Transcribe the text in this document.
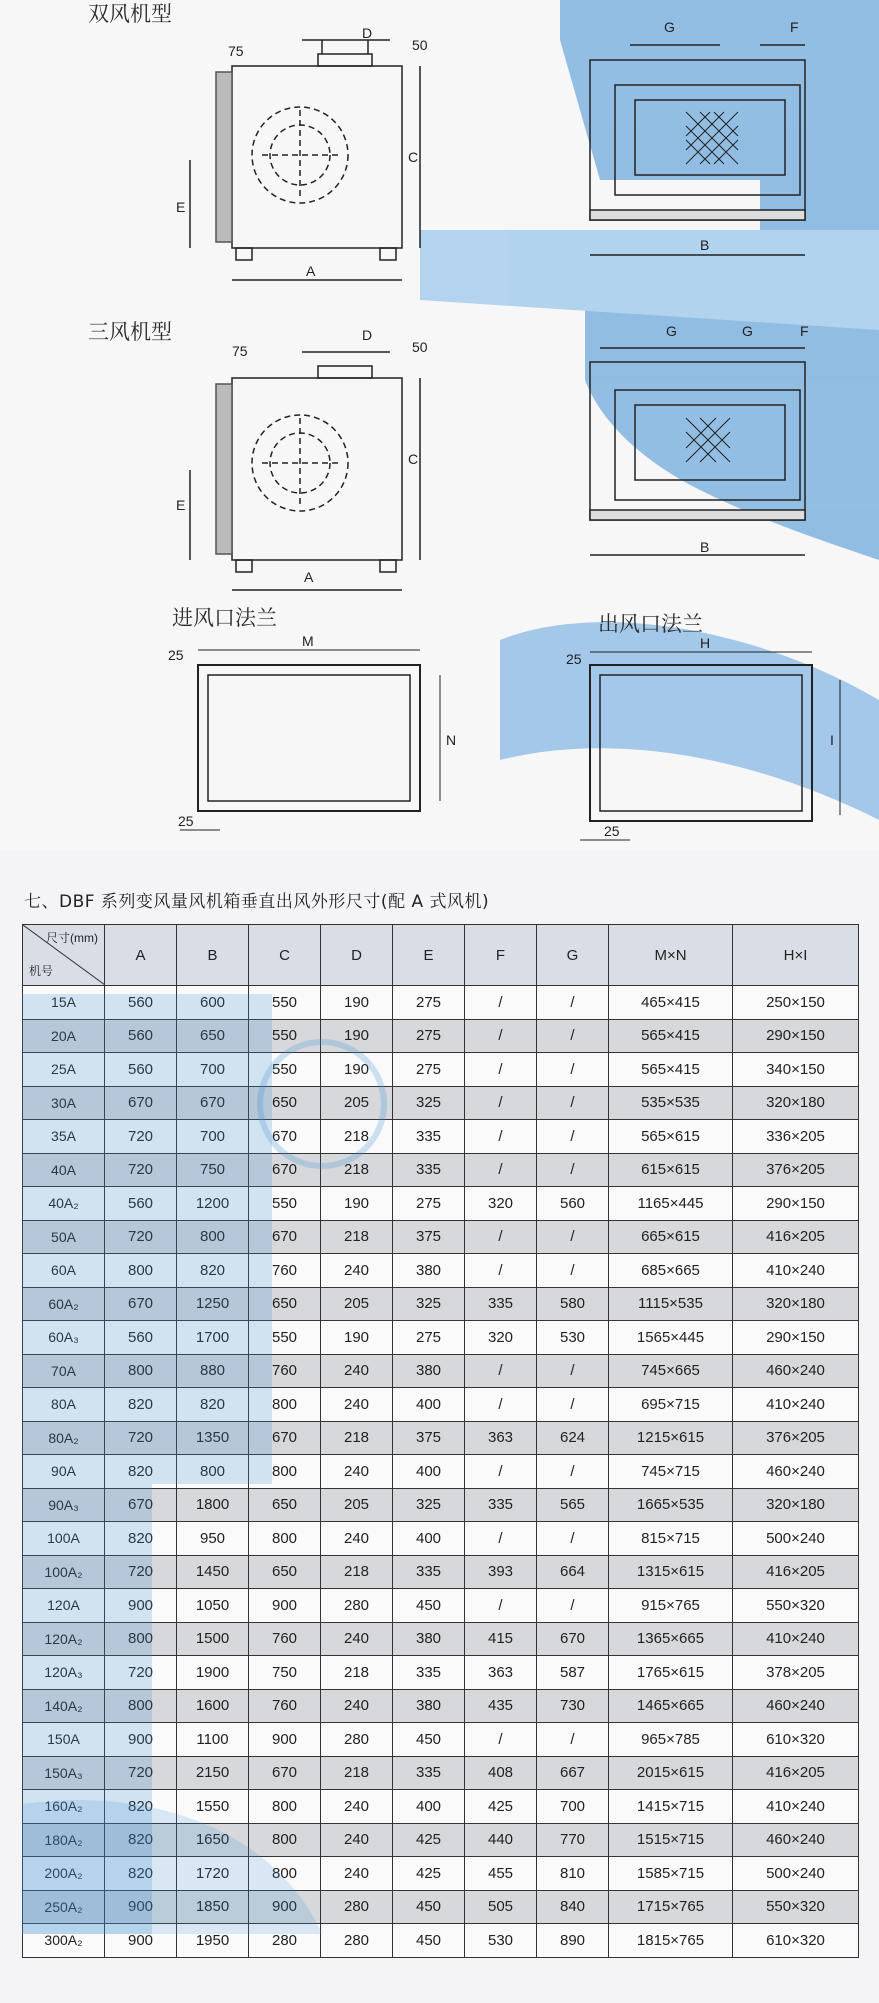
75
D
50
C
E
A
G	F
B
75
D
50
C
E
A
G	G	F
B
M
N
25
25
H
I
25
25
双风机型
三风机型
进风口法兰	出风口法兰
七、DBF 系列变风量风机箱垂直出风外形尺寸(配 A 式风机)
尺寸(mm)
机号	A	B	C	D	E	F	G	M×N	H×I
15A	560	600	550	190	275	/	/	465×415	250×150
20A	560	650	550	190	275	/	/	565×415	290×150
25A	560	700	550	190	275	/	/	565×415	340×150
30A	670	670	650	205	325	/	/	535×535	320×180
35A	720	700	670	218	335	/	/	565×615	336×205
40A	720	750	670	218	335	/	/	615×615	376×205
40A₂	560	1200	550	190	275	320	560	1165×445	290×150
50A	720	800	670	218	375	/	/	665×615	416×205
60A	800	820	760	240	380	/	/	685×665	410×240
60A₂	670	1250	650	205	325	335	580	1115×535	320×180
60A₃	560	1700	550	190	275	320	530	1565×445	290×150
70A	800	880	760	240	380	/	/	745×665	460×240
80A	820	820	800	240	400	/	/	695×715	410×240
80A₂	720	1350	670	218	375	363	624	1215×615	376×205
90A	820	800	800	240	400	/	/	745×715	460×240
90A₃	670	1800	650	205	325	335	565	1665×535	320×180
100A	820	950	800	240	400	/	/	815×715	500×240
100A₂	720	1450	650	218	335	393	664	1315×615	416×205
120A	900	1050	900	280	450	/	/	915×765	550×320
120A₂	800	1500	760	240	380	415	670	1365×665	410×240
120A₃	720	1900	750	218	335	363	587	1765×615	378×205
140A₂	800	1600	760	240	380	435	730	1465×665	460×240
150A	900	1100	900	280	450	/	/	965×785	610×320
150A₃	720	2150	670	218	335	408	667	2015×615	416×205
160A₂	820	1550	800	240	400	425	700	1415×715	410×240
180A₂	820	1650	800	240	425	440	770	1515×715	460×240
200A₂	820	1720	800	240	425	455	810	1585×715	500×240
250A₂	900	1850	900	280	450	505	840	1715×765	550×320
300A₂	900	1950	280	280	450	530	890	1815×765	610×320
